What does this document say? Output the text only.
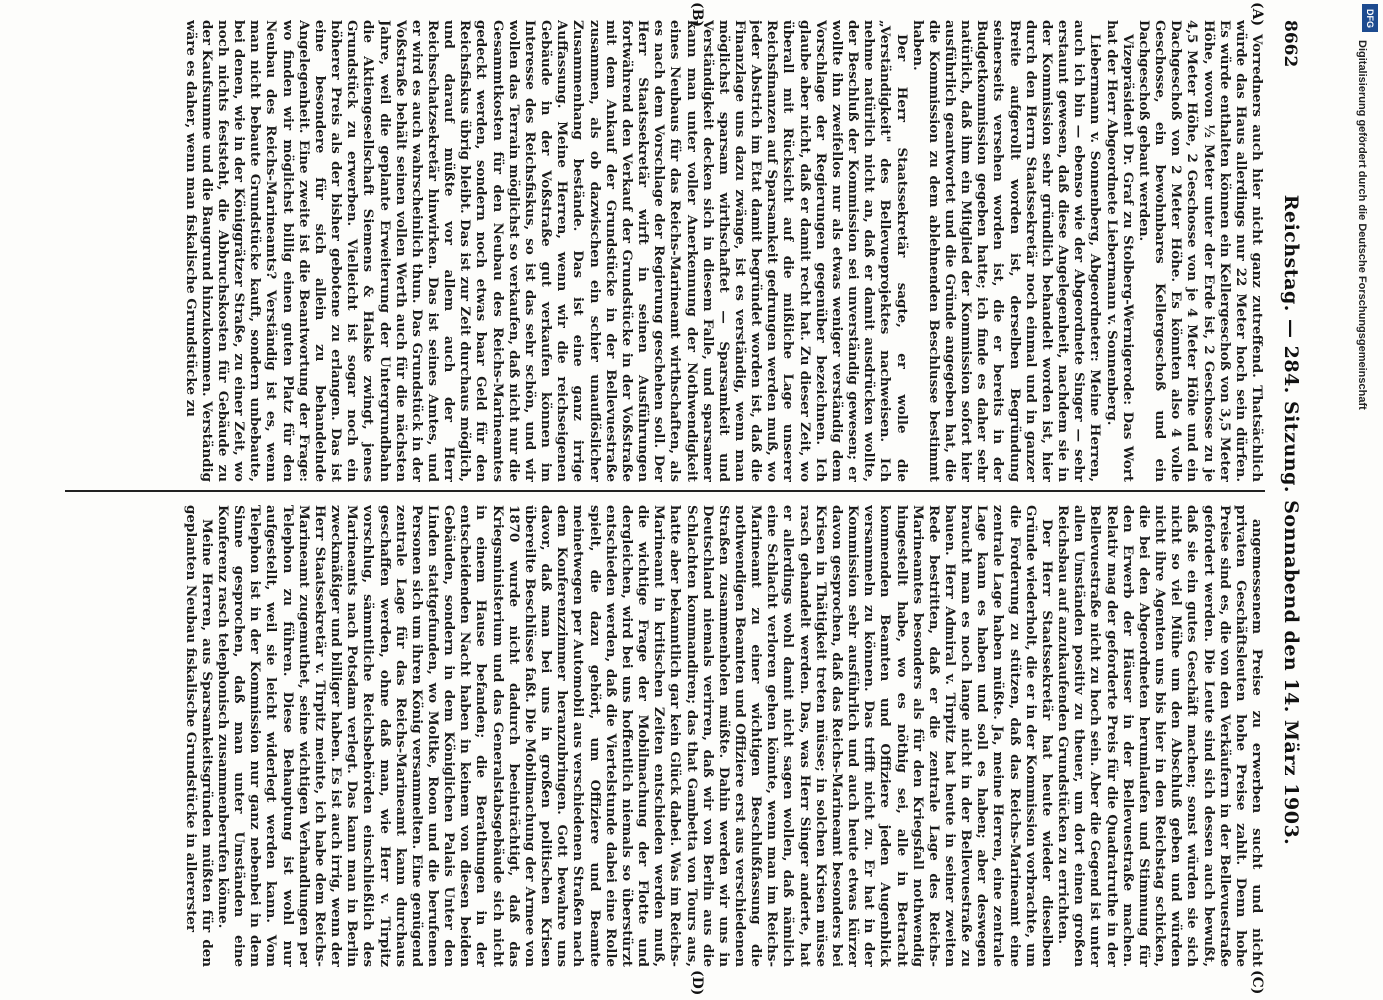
8662
Reichstag. — 284. Sitzung. Sonnabend den 14. März 1903.

Vorredners auch hier nicht ganz zutreffend. Thatsächlich würde das Haus allerdings nur 22 Meter hoch sein dürfen. Es würde enthalten können ein Kellergeschoß von 3,5 Meter Höhe, wovon ½ Meter unter der Erde ist, 2 Geschosse zu je 4,5 Meter Höhe, 2 Geschosse von je 4 Meter Höhe und ein Dachgeschoß von 2 Meter Höhe. Es könnten also 4 volle Geschosse, ein bewohnbares Kellergeschoß und ein Dachgeschoß gebaut werden.

Vizepräsident Dr. Graf zu Stolberg-Wernigerode: Das Wort hat der Herr Abgeordnete Liebermann v. Sonnenberg.

Liebermann v. Sonnenberg, Abgeordneter: Meine Herren, auch ich bin — ebenso wie der Abgeordnete Singer — sehr erstaunt gewesen, daß diese Angelegenheit, nachdem sie in der Kommission sehr gründlich behandelt worden ist, hier durch den Herrn Staatssekretär noch einmal und in ganzer Breite aufgerollt worden ist, derselben Begründung seinerseits versehen worden ist, die er bereits in der Budgetkommission gegeben hatte; ich finde es daher sehr natürlich, daß ihm ein Mitglied der Kommission sofort hier ausführlich geantwortet und die Gründe angegeben hat, die die Kommission zu dem ablehnenden Beschlusse bestimmt haben.

Der Herr Staatssekretär sagte, er wolle die „Verständigkeit" des Bellevueprojektes nachweisen. Ich nehme natürlich nicht an, daß er damit ausdrücken wollte, der Beschluß der Kommission sei unverständig gewesen; er wollte ihn zweifellos nur als etwas weniger verständig dem Vorschlage der Regierungen gegenüber bezeichnen. Ich glaube aber nicht, daß er damit recht hat. Zu dieser Zeit, wo überall mit Rücksicht auf die mißliche Lage unserer Reichsfinanzen auf Sparsamkeit gedrungen werden muß, wo jeder Abstrich im Etat damit begründet worden ist, daß die Finanzlage uns dazu zwänge, ist es verständig, wenn man möglichst sparsam wirthschaftet — Sparsamkeit und Verständigkeit decken sich in diesem Falle, und sparsamer kann man unter voller Anerkennung der Nothwendigkeit eines Neubaus für das Reichs-Marineamt wirthschaften, als es nach dem Vorschlage der Regierung geschehen soll. Der Herr Staatssekretär wirft in seinen Ausführungen fortwährend den Verkauf der Grundstücke in der Voßstraße mit dem Ankauf der Grundstücke in der Bellevuestraße zusammen, als ob dazwischen ein schier unauflöslicher Zusammenhang bestände. Das ist eine ganz irrige Auffassung. Meine Herren, wenn wir die reichseigenen Gebäude in der Voßstraße gut verkaufen können im Interesse des Reichsfiskus, so ist das sehr schön, und wir wollen das Terrain möglichst so verkaufen, daß nicht nur die Gesammtkosten für den Neubau des Reichs-Marineamtes gedeckt werden, sondern noch etwas baar Geld für den Reichsfiskus übrig bleibt. Das ist zur Zeit durchaus möglich, und darauf müßte vor allem auch der Herr Reichsschatzsekretär hinwirken. Das ist seines Amtes, und er wird es auch wahrscheinlich thun. Das Grundstück in der Voßstraße behält seinen vollen Werth auch für die nächsten Jahre, weil die geplante Erweiterung der Untergrundbahn die Aktiengesellschaft Siemens & Halske zwingt, jenes Grundstück zu erwerben. Vielleicht ist sogar noch ein höherer Preis als der bisher gebotene zu erlangen. Das ist eine besondere für sich allein zu behandelnde Angelegenheit. Eine zweite ist die Beantwortung der Frage: wo finden wir möglichst billig einen guten Platz für den Neubau des Reichs-Marineamts? Verständig ist es, wenn man nicht bebaute Grundstücke kauft, sondern unbebaute, bei denen, wie in der Königgrätzer Straße, zu einer Zeit, wo noch nichts feststeht, die Abbruchskosten für Gebäude zu der Kaufsumme und die Baugrund hinzukommen. Verständig wäre es daher, wenn man fiskalische Grundstücke zu

angemessenem Preise zu erwerben sucht und nicht privaten Geschäftsleuten hohe Preise zahlt. Denn hohe Preise sind es, die von den Verkäufern in der Bellevuestraße gefordert werden. Die Leute sind sich dessen auch bewußt, daß sie ein gutes Geschäft machen; sonst würden sie sich nicht so viel Mühe um den Abschluß geben und würden nicht ihre Agenten uns bis hier in den Reichstag schicken, die bei den Abgeordneten herumlaufen und Stimmung für den Erwerb der Häuser in der Bellevuestraße machen. Relativ mag der geforderte Preis für die Quadratruthe in der Bellevuestraße nicht zu hoch sein. Aber die Gegend ist unter allen Umständen positiv zu theuer, um dort einen großen Reichsbau auf anzukaufenden Grundstücken zu errichten.

Der Herr Staatssekretär hat heute wieder dieselben Gründe wiederholt, die er in der Kommission vorbrachte, um die Forderung zu stützen, daß das Reichs-Marineamt eine zentrale Lage haben müßte. Ja, meine Herren, eine zentrale Lage kann es haben und soll es haben; aber deswegen braucht man es noch lange nicht in der Bellevuestraße zu bauen. Herr Admiral v. Tirpitz hat heute in seiner zweiten Rede bestritten, daß er die zentrale Lage des Reichs-Marineamtes besonders als für den Kriegsfall nothwendig hingestellt habe, wo es nöthig sei, alle in Betracht kommenden Beamten und Offiziere jeden Augenblick versammeln zu können. Das trifft nicht zu. Er hat in der Kommission sehr ausführlich und auch heute etwas kürzer davon gesprochen, daß das Reichs-Marineamt besonders bei Krisen in Thätigkeit treten müsse; in solchen Krisen müsse rasch gehandelt werden. Das, was Herr Singer anderte, hat er allerdings wohl damit nicht sagen wollen, daß nämlich eine Schlacht verloren gehen könnte, wenn man im Reichs-Marineamt zu einer wichtigen Beschlußfassung die nothwendigen Beamten und Offiziere erst aus verschiedenen Straßen zusammenholen müßte. Dahin werden wir uns in Deutschland niemals verirren, daß wir von Berlin aus die Schlachten kommandiren; das that Gambetta von Tours aus, hatte aber bekanntlich gar kein Glück dabei. Was im Reichs-Marineamt in kritischen Zeiten entschieden werden muß, die wichtige Frage der Mobilmachung der Flotte und dergleichen, wird bei uns hoffentlich niemals so überstürzt entschieden werden, daß die Viertelstunde dabei eine Rolle spielt, die dazu gehört, um Offiziere und Beamte meinetwegen per Automobil aus verschiedenen Straßen nach dem Konferenzzimmer heranzubringen. Gott bewahre uns davor, daß man bei uns in großen politischen Krisen übereilte Beschlüsse faßt. Die Mobilmachung der Armee von 1870 wurde nicht dadurch beeinträchtigt, daß das Kriegsministerium und das Generalstabsgebäude sich nicht in einem Hause befanden; die Berathungen in der entscheidenden Nacht haben in keinem von diesen beiden Gebäuden, sondern in dem Königlichen Palais Unter den Linden stattgefunden, wo Moltke, Roon und die berufenen Personen sich um ihren König versammelten. Eine genügend zentrale Lage für das Reichs-Marineamt kann durchaus geschaffen werden, ohne daß man, wie Herr v. Tirpitz vorschlug, sämmtliche Reichsbehörden einschließlich des Marineamts nach Potsdam verlegt. Das kann man in Berlin zweckmäßiger und billiger haben. Es ist auch irrig, wenn der Herr Staatssekretär v. Tirpitz meinte, ich habe dem Reichs-Marineamt zugemuthet, seine wichtigen Verhandlungen per Telephon zu führen. Diese Behauptung ist wohl nur aufgestellt, weil sie leicht widerlegt werden kann. Vom Telephon ist in der Kommission nur ganz nebenbei in dem Sinne gesprochen, daß man unter Umständen eine Konferenz rasch telephonisch zusammenberufen könne.

Meine Herren, aus Sparsamkeitsgründen müßten für den geplanten Neubau fiskalische Grundstücke in allererster

(A)
(B)
(C)
(D)
DFG
Digitalisierung gefördert durch die Deutsche Forschungsgemeinschaft
